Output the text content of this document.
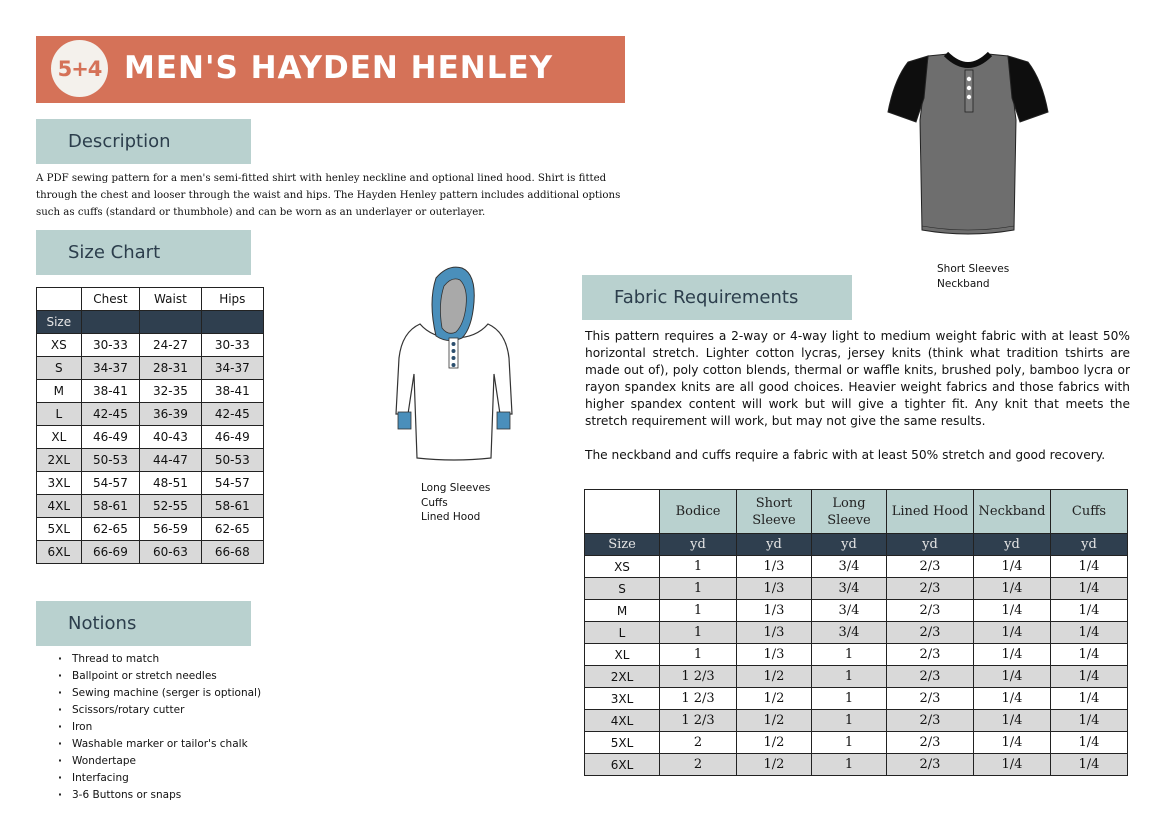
5+4 MEN'S HAYDEN HENLEY
Description
A PDF sewing pattern for a men's semi-fitted shirt with henley neckline and optional lined hood. Shirt is fitted through the chest and looser through the waist and hips. The Hayden Henley pattern includes additional options such as cuffs (standard or thumbhole) and can be worn as an underlayer or outerlayer.
Size Chart
	Chest	Waist	Hips
Size			
XS	30-33	24-27	30-33
S	34-37	28-31	34-37
M	38-41	32-35	38-41
L	42-45	36-39	42-45
XL	46-49	40-43	46-49
2XL	50-53	44-47	50-53
3XL	54-57	48-51	54-57
4XL	58-61	52-55	58-61
5XL	62-65	56-59	62-65
6XL	66-69	60-63	66-68
Notions
· Thread to match
· Ballpoint or stretch needles
· Sewing machine (serger is optional)
· Scissors/rotary cutter
· Iron
· Washable marker or tailor's chalk
· Wondertape
· Interfacing
· 3-6 Buttons or snaps
Long Sleeves
Cuffs
Lined Hood
Short Sleeves
Neckband
Fabric Requirements

This pattern requires a 2-way or 4-way light to medium weight fabric with at least 50% horizontal stretch. Lighter cotton lycras, jersey knits (think what tradition tshirts are made out of), poly cotton blends, thermal or waffle knits, brushed poly, bamboo lycra or rayon spandex knits are all good choices. Heavier weight fabrics and those fabrics with higher spandex content will work but will give a tighter fit. Any knit that meets the stretch requirement will work, but may not give the same results.

The neckband and cuffs require a fabric with at least 50% stretch and good recovery.

	Bodice	Short Sleeve	Long Sleeve	Lined Hood	Neckband	Cuffs
Size	yd	yd	yd	yd	yd	yd
XS	1	1/3	3/4	2/3	1/4	1/4
S	1	1/3	3/4	2/3	1/4	1/4
M	1	1/3	3/4	2/3	1/4	1/4
L	1	1/3	3/4	2/3	1/4	1/4
XL	1	1/3	1	2/3	1/4	1/4
2XL	1 2/3	1/2	1	2/3	1/4	1/4
3XL	1 2/3	1/2	1	2/3	1/4	1/4
4XL	1 2/3	1/2	1	2/3	1/4	1/4
5XL	2	1/2	1	2/3	1/4	1/4
6XL	2	1/2	1	2/3	1/4	1/4
